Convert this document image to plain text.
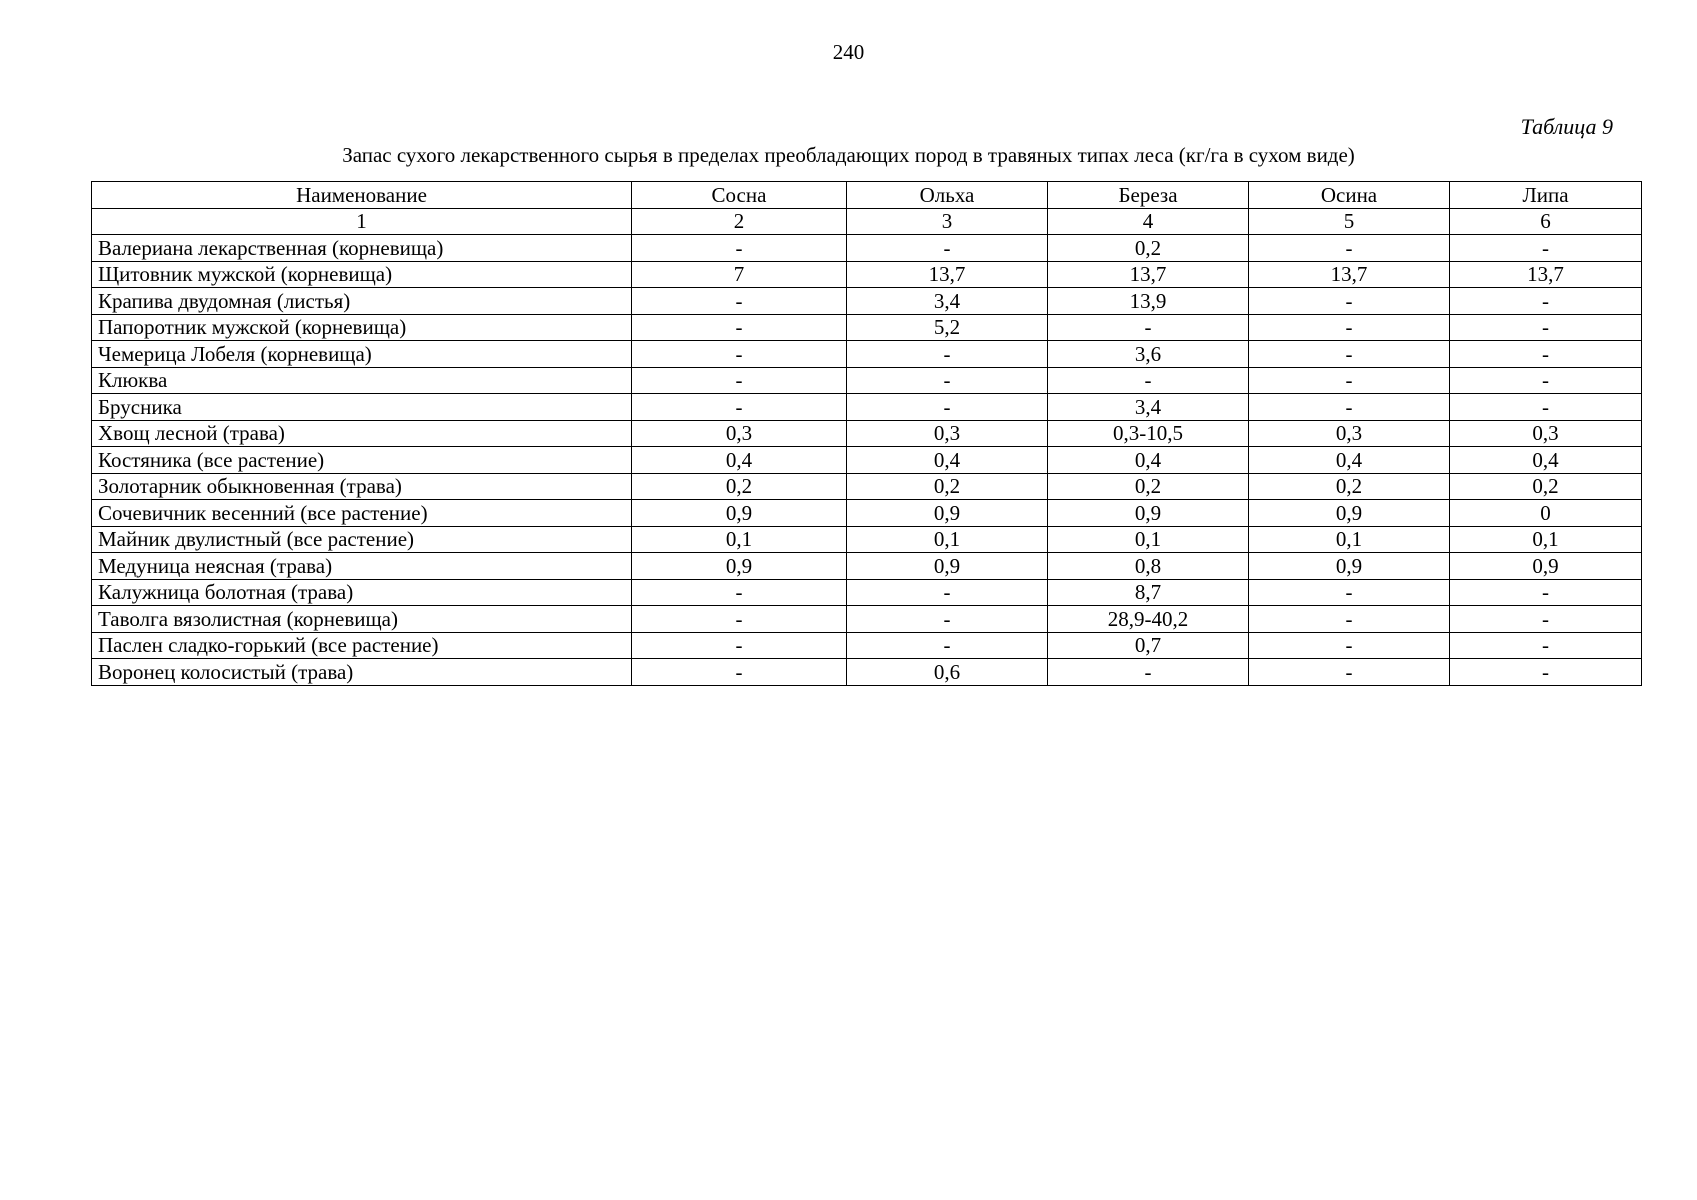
240
Таблица 9
Запас сухого лекарственного сырья в пределах преобладающих пород в травяных типах леса (кг/га в сухом виде)
Наименование	Сосна	Ольха	Береза	Осина	Липа
1	2	3	4	5	6
Валериана лекарственная (корневища)	-	-	0,2	-	-
Щитовник мужской (корневища)	7	13,7	13,7	13,7	13,7
Крапива двудомная (листья)	-	3,4	13,9	-	-
Папоротник мужской (корневища)	-	5,2	-	-	-
Чемерица Лобеля (корневища)	-	-	3,6	-	-
Клюква	-	-	-	-	-
Брусника	-	-	3,4	-	-
Хвощ лесной (трава)	0,3	0,3	0,3-10,5	0,3	0,3
Костяника (все растение)	0,4	0,4	0,4	0,4	0,4
Золотарник обыкновенная (трава)	0,2	0,2	0,2	0,2	0,2
Сочевичник весенний (все растение)	0,9	0,9	0,9	0,9	0
Майник двулистный (все растение)	0,1	0,1	0,1	0,1	0,1
Медуница неясная (трава)	0,9	0,9	0,8	0,9	0,9
Калужница болотная (трава)	-	-	8,7	-	-
Таволга вязолистная (корневища)	-	-	28,9-40,2	-	-
Паслен сладко-горький (все растение)	-	-	0,7	-	-
Воронец колосистый (трава)	-	0,6	-	-	-
